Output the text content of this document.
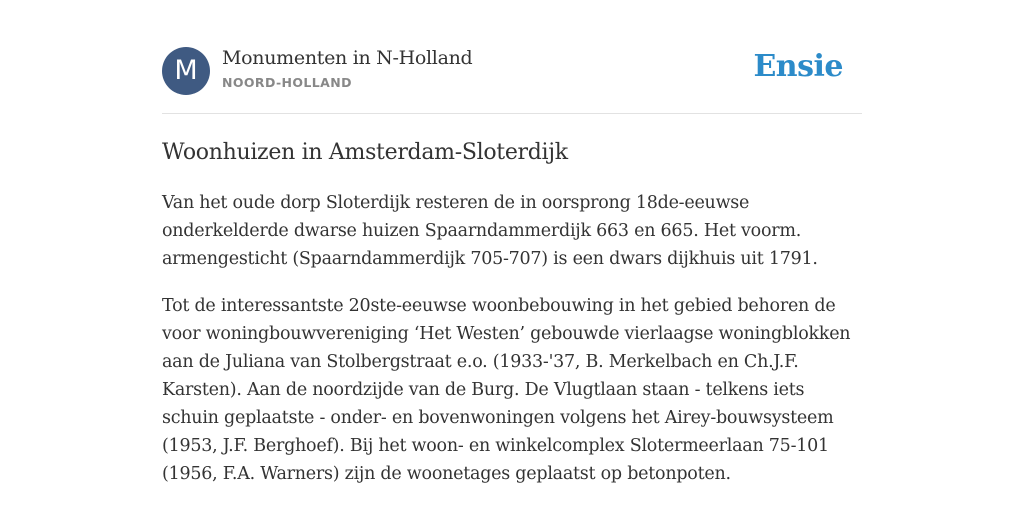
M	Monumenten in N-Holland
NOORD-HOLLAND	Ensie
Woonhuizen in Amsterdam-Sloterdijk

Van het oude dorp Sloterdijk resteren de in oorsprong 18de-eeuwse onderkelderde dwarse huizen Spaarndammerdijk 663 en 665. Het voorm. armengesticht (Spaarndammerdijk 705-707) is een dwars dijkhuis uit 1791.

Tot de interessantste 20ste-eeuwse woonbebouwing in het gebied behoren de voor woningbouwvereniging ‘Het Westen’ gebouwde vierlaagse woningblokken aan de Juliana van Stolbergstraat e.o. (1933-'37, B. Merkelbach en Ch.J.F. Karsten). Aan de noordzijde van de Burg. De Vlugtlaan staan - telkens iets schuin geplaatste - onder- en bovenwoningen volgens het Airey-bouwsysteem (1953, J.F. Berghoef). Bij het woon- en winkelcomplex Slotermeerlaan 75-101 (1956, F.A. Warners) zijn de woonetages geplaatst op betonpoten.
